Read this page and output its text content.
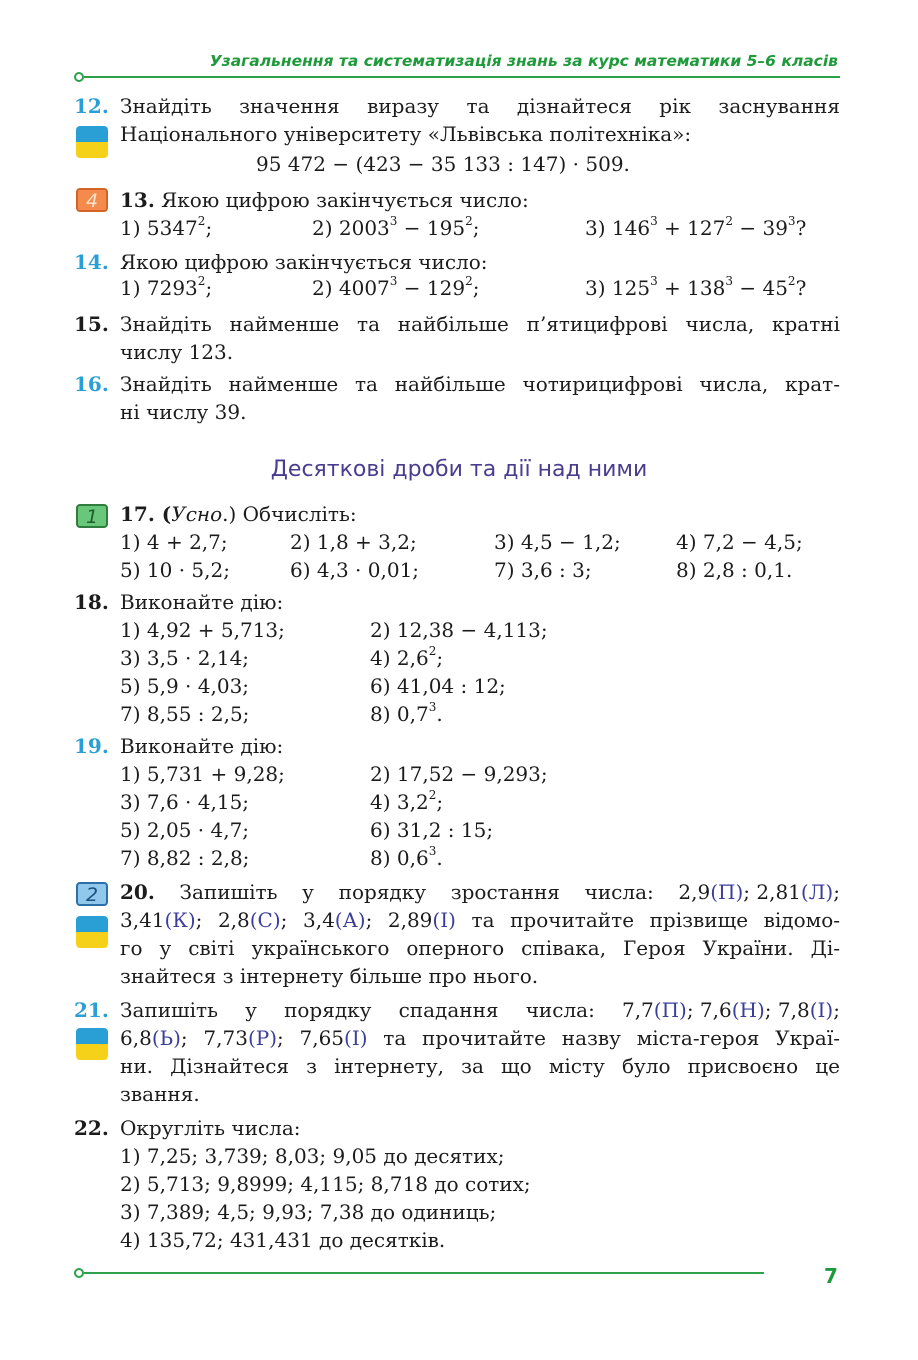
Узагальнення та систематизація знань за курс математики 5–6 класів
12. Знайдіть значення виразу та дізнайтеся рік заснування
Національного університету «Львівська політехніка»:
95 472 − (423 − 35 133 : 147) · 509.
4	13. Якою цифрою закінчується число:
1) 5347$^2$;	2) $2003^3 - 195^2$;	3) $146^3 + 127^2 - 39^3$?
14. Якою цифрою закінчується число:
1) 7293$^2$;	2) $4007^3 - 129^2$;	3) $125^3 + 138^3 - 45^2$?
15. Знайдіть найменше та найбільше п’ятицифрові числа, кратні
числу 123.
16. Знайдіть найменше та найбільше чотирицифрові числа, крат-
ні числу 39.
Десяткові дроби та дії над ними
1	17. (Усно.) Обчисліть:
1) 4 + 2,7;	2) 1,8 + 3,2;	3) 4,5 − 1,2;	4) 7,2 − 4,5;
5) 10 · 5,2;	6) 4,3 · 0,01;	7) 3,6 : 3;	8) 2,8 : 0,1.
18. Виконайте дію:
1) 4,92 + 5,713;	2) 12,38 − 4,113;
3) 3,5 · 2,14;	4) $2,6^2$;
5) 5,9 · 4,03;	6) 41,04 : 12;
7) 8,55 : 2,5;	8) $0,7^3$.
19. Виконайте дію:
1) 5,731 + 9,28;	2) 17,52 − 9,293;
3) 7,6 · 4,15;	4) $3,2^2$;
5) 2,05 · 4,7;	6) 31,2 : 15;
7) 8,82 : 2,8;	8) $0,6^3$.
2	20. Запишіть у порядку зростання числа: 2,9(П); 2,81(Л);
3,41(К); 2,8(С); 3,4(А); 2,89(І) та прочитайте прізвище відомо-
го у світі українського оперного співака, Героя України. Ді-
знайтеся з інтернету більше про нього.
21. Запишіть у порядку спадання числа: 7,7(П); 7,6(Н); 7,8(І);
6,8(Ь); 7,73(Р); 7,65(І) та прочитайте назву міста-героя Украї-
ни. Дізнайтеся з інтернету, за що місту було присвоєно це
звання.
22. Округліть числа:
1) 7,25; 3,739; 8,03; 9,05 до десятих;
2) 5,713; 9,8999; 4,115; 8,718 до сотих;
3) 7,389; 4,5; 9,93; 7,38 до одиниць;
4) 135,72; 431,431 до десятків.
7
